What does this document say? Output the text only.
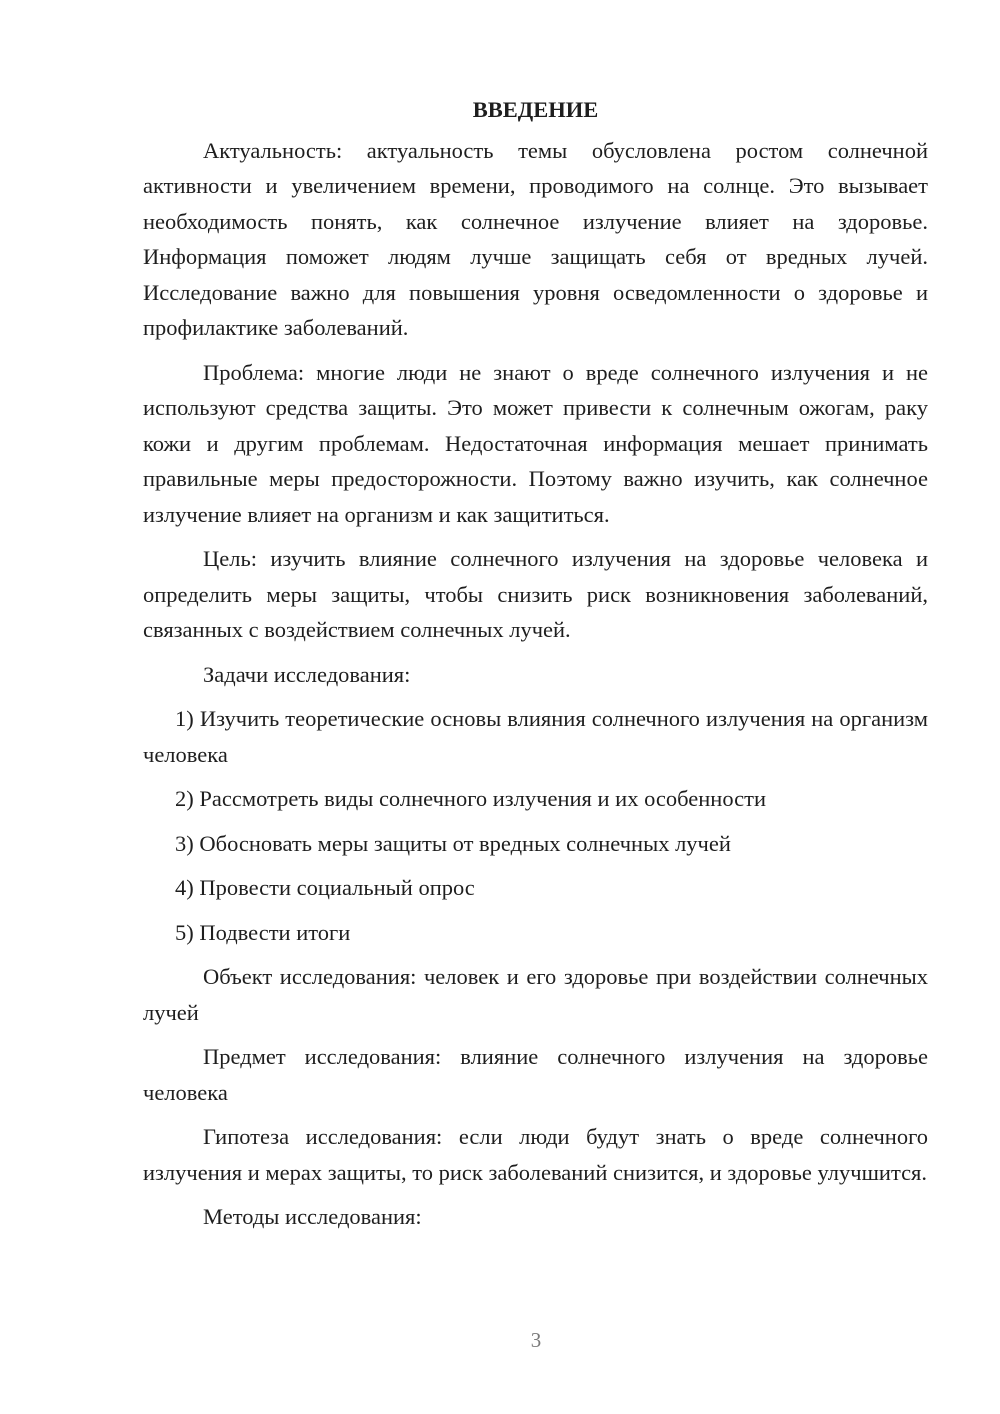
ВВЕДЕНИЕ

Актуальность: актуальность темы обусловлена ростом солнечной активности и увеличением времени, проводимого на солнце. Это вызывает необходимость понять, как солнечное излучение влияет на здоровье. Информация поможет людям лучше защищать себя от вредных лучей. Исследование важно для повышения уровня осведомленности о здоровье и профилактике заболеваний.

Проблема: многие люди не знают о вреде солнечного излучения и не используют средства защиты. Это может привести к солнечным ожогам, раку кожи и другим проблемам. Недостаточная информация мешает принимать правильные меры предосторожности. Поэтому важно изучить, как солнечное излучение влияет на организм и как защититься.

Цель: изучить влияние солнечного излучения на здоровье человека и определить меры защиты, чтобы снизить риск возникновения заболеваний, связанных с воздействием солнечных лучей.

Задачи исследования:

1) Изучить теоретические основы влияния солнечного излучения на организм человека

2) Рассмотреть виды солнечного излучения и их особенности

3) Обосновать меры защиты от вредных солнечных лучей

4) Провести социальный опрос

5) Подвести итоги

Объект исследования: человек и его здоровье при воздействии солнечных лучей

Предмет исследования: влияние солнечного излучения на здоровье человека

Гипотеза исследования: если люди будут знать о вреде солнечного излучения и мерах защиты, то риск заболеваний снизится, и здоровье улучшится.

Методы исследования:

3
